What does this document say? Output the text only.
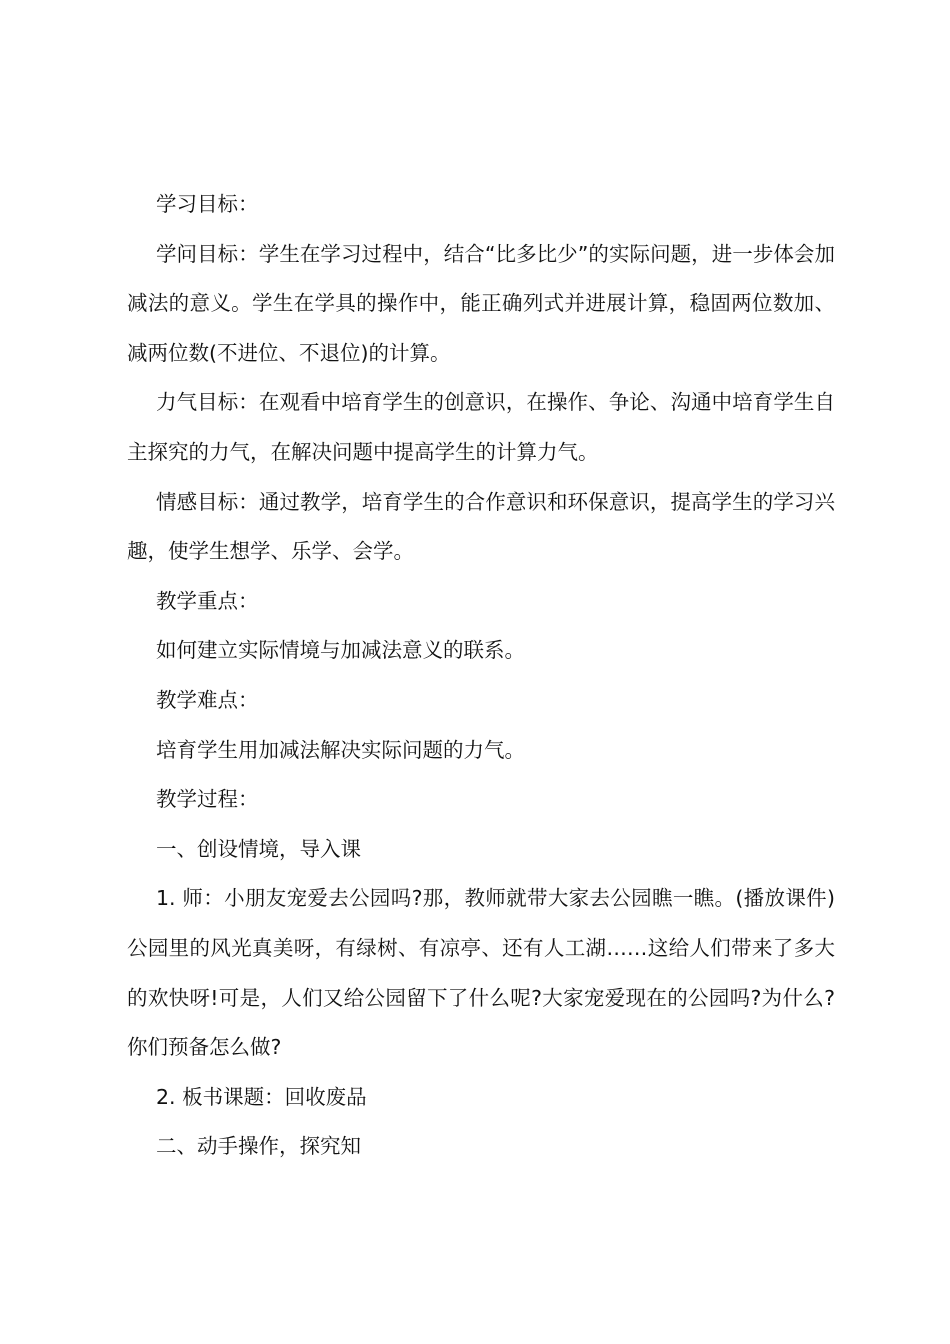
学习目标：

学问目标：学生在学习过程中，结合“比多比少”的实际问题，进一步体会加减法的意义。学生在学具的操作中，能正确列式并进展计算，稳固两位数加、减两位数(不进位、不退位)的计算。

力气目标：在观看中培育学生的创意识，在操作、争论、沟通中培育学生自主探究的力气，在解决问题中提高学生的计算力气。

情感目标：通过教学，培育学生的合作意识和环保意识，提高学生的学习兴趣，使学生想学、乐学、会学。

教学重点：

如何建立实际情境与加减法意义的联系。

教学难点：

培育学生用加减法解决实际问题的力气。

教学过程：

一、创设情境，导入课

1. 师：小朋友宠爱去公园吗?那，教师就带大家去公园瞧一瞧。(播放课件)公园里的风光真美呀，有绿树、有凉亭、还有人工湖……这给人们带来了多大的欢快呀!可是，人们又给公园留下了什么呢?大家宠爱现在的公园吗?为什么?你们预备怎么做?

2. 板书课题：回收废品

二、动手操作，探究知
